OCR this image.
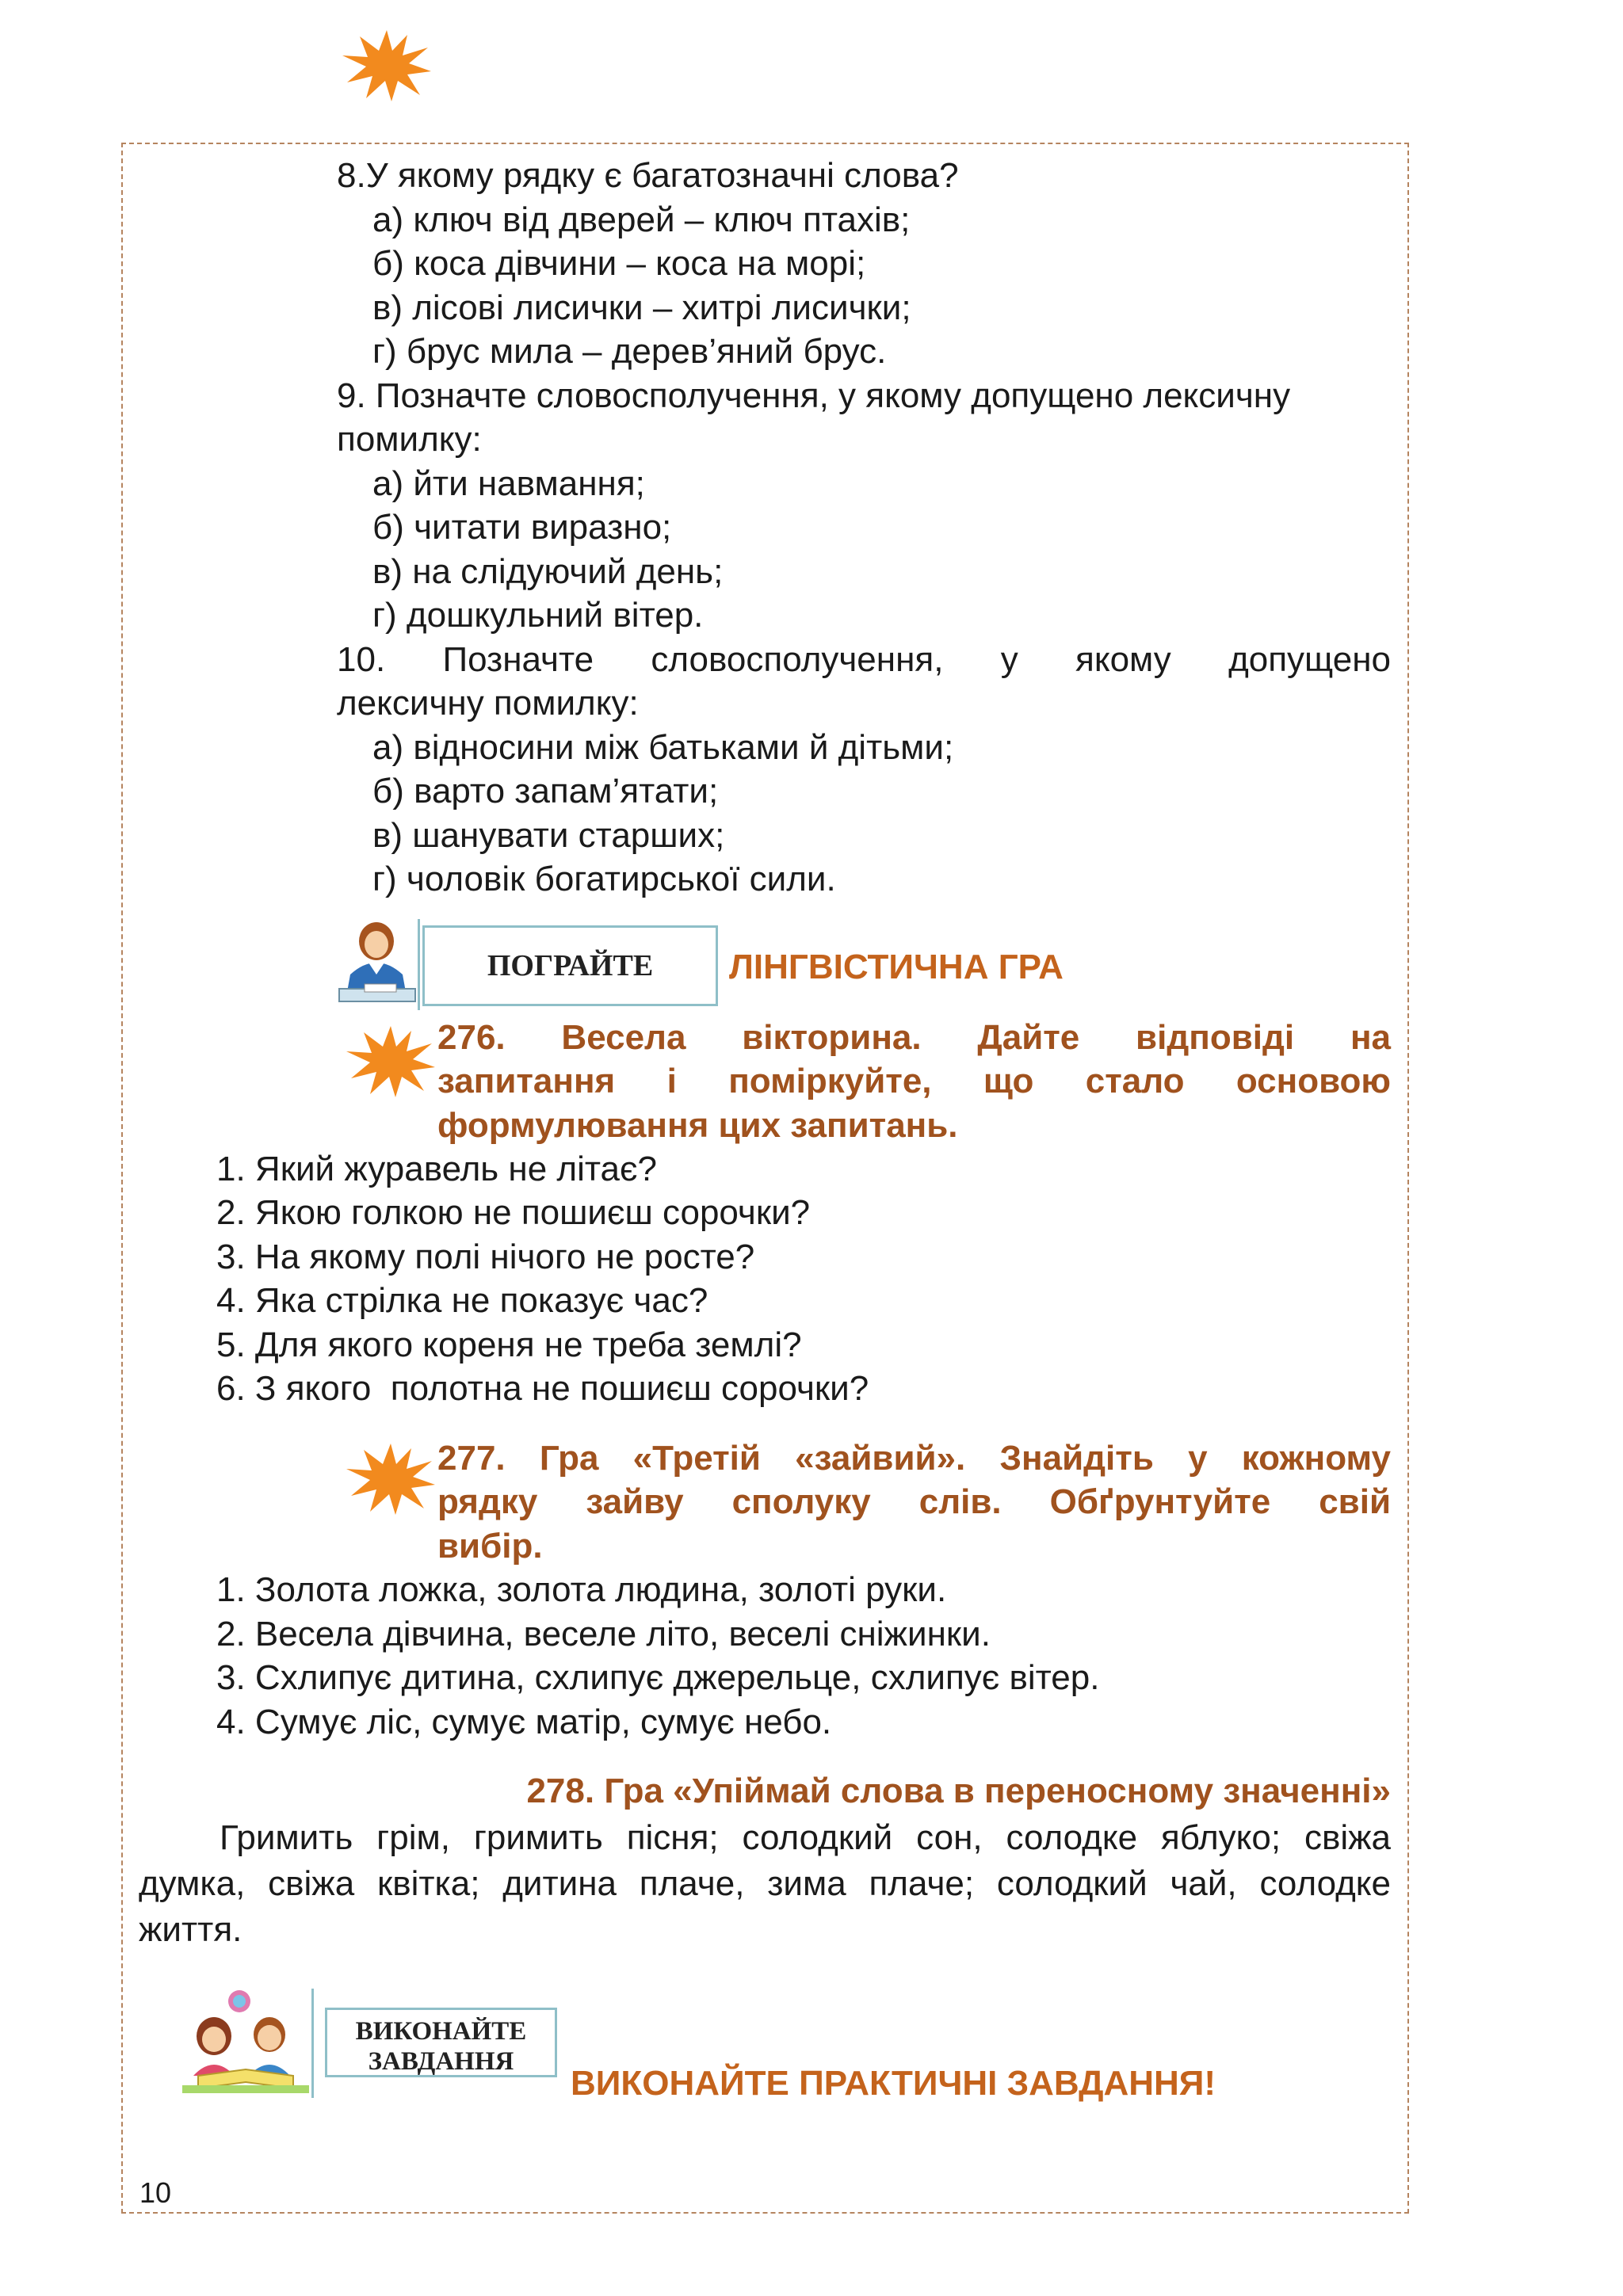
8.У якому рядку є багатозначні слова?
а) ключ від дверей – ключ птахів;
б) коса дівчини – коса на морі;
в) лісові лисички – хитрі лисички;
г) брус мила – дерев’яний брус.
9. Позначте словосполучення, у якому допущено лексичну
помилку:
а) йти навмання;
б) читати виразно;
в) на слідуючий день;
г) дошкульний вітер.
10. Позначте словосполучення, у якому допущено
лексичну помилку:
а) відносини між батьками й дітьми;
б) варто запам’ятати;
в) шанувати старших;
г) чоловік богатирської сили.
ПОГРАЙТЕ	ЛІНГВІСТИЧНА ГРА
276. Весела вікторина. Дайте відповіді на
запитання і поміркуйте, що стало основою
формулювання цих запитань.
1. Який журавель не літає?
2. Якою голкою не пошиєш сорочки?
3. На якому полі нічого не росте?
4. Яка стрілка не показує час?
5. Для якого кореня не треба землі?
6. З якого  полотна не пошиєш сорочки?
277. Гра «Третій «зайвий». Знайдіть у кожному
рядку зайву сполуку слів. Обґрунтуйте свій
вибір.
1. Золота ложка, золота людина, золоті руки.
2. Весела дівчина, веселе літо, веселі сніжинки.
3. Схлипує дитина, схлипує джерельце, схлипує вітер.
4. Сумує ліс, сумує матір, сумує небо.
278. Гра «Упіймай слова в переносному значенні»
Гримить грім, гримить пісня; солодкий сон, солодке яблуко; свіжа
думка, свіжа квітка; дитина плаче, зима плаче; солодкий чай, солодке
життя.
ВИКОНАЙТЕ
ЗАВДАННЯ
ВИКОНАЙТЕ ПРАКТИЧНІ ЗАВДАННЯ!
10
